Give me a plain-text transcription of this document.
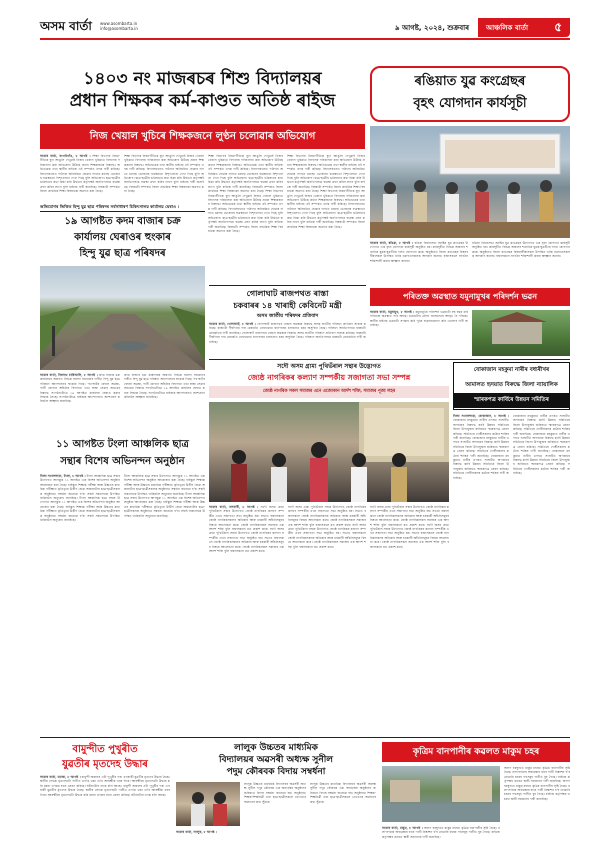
অসম বাৰ্তা www.asombarta.in
info@asombarta.in	৯ আগষ্ট, ২০২৪, শুক্ৰবাৰ আঞ্চলিক বাৰ্তা ৫
১৪০৩ নং মাজৰচৰ শিশু বিদ্যালয়ৰ
প্ৰধান শিক্ষকৰ কৰ্ম-কাণ্ডত অতিষ্ঠ ৰাইজ
ৰঙিয়াত যুৱ কংগ্ৰেছৰ
বৃহৎ যোগদান কাৰ্যসূচী
নিজ খেয়াল খুচিৰে শিক্ষকজনে লুণ্ঠন চলোৱাৰ অভিযোগ
আমাৰ বাৰ্তা, বংগাইগাঁও, ৮ আগষ্ট । শিক্ষা বিভাগৰ নিয়ম-নীতিক বুঢ়া আঙুলি দেখুৱাই নিজৰ খেয়াল খুচিমতে বিদ্যালয় পৰিচালনা কৰা অভিযোগ উঠিছে প্ৰধান শিক্ষকজনৰ বিৰুদ্ধে। অভিভাৱক তথা স্থানীয় ৰাইজে এই সম্পৰ্কত তদন্ত দাবী কৰিছে। বিদ্যালয়খনত পাঠদান অনিয়মিত হোৱাৰ লগতে মধ্যাহ্ন ভোজনৰ ব্যৱস্থাতো বিশৃংখলতা দেখা দিছে বুলি অভিযোগ। ছাত্ৰ-ছাত্ৰীৰ ভৱিষ্যতৰ কথা চিন্তা কৰি উৰ্দ্ধতন কৰ্তৃপক্ষই অনতিপলমে ব্যৱস্থা গ্ৰহণ কৰিব লাগে বুলি ৰাইজে দাবী জনাইছে। বিষয়টো সম্পৰ্কত জিলা প্ৰাথমিক শিক্ষা বিষয়াকো অৱগত কৰা হৈছে।
শিক্ষা বিভাগৰ নিয়ম-নীতিক বুঢ়া আঙুলি দেখুৱাই নিজৰ খেয়াল খুচিমতে বিদ্যালয় পৰিচালনা কৰা অভিযোগ উঠিছে প্ৰধান শিক্ষকজনৰ বিৰুদ্ধে। অভিভাৱক তথা স্থানীয় ৰাইজে এই সম্পৰ্কত তদন্ত দাবী কৰিছে। বিদ্যালয়খনত পাঠদান অনিয়মিত হোৱাৰ লগতে মধ্যাহ্ন ভোজনৰ ব্যৱস্থাতো বিশৃংখলতা দেখা দিছে বুলি অভিযোগ। ছাত্ৰ-ছাত্ৰীৰ ভৱিষ্যতৰ কথা চিন্তা কৰি উৰ্দ্ধতন কৰ্তৃপক্ষই অনতিপলমে ব্যৱস্থা গ্ৰহণ কৰিব লাগে বুলি ৰাইজে দাবী জনাইছে। বিষয়টো সম্পৰ্কত জিলা প্ৰাথমিক শিক্ষা বিষয়াকো অৱগত কৰা হৈছে।
শিক্ষা বিভাগৰ নিয়ম-নীতিক বুঢ়া আঙুলি দেখুৱাই নিজৰ খেয়াল খুচিমতে বিদ্যালয় পৰিচালনা কৰা অভিযোগ উঠিছে প্ৰধান শিক্ষকজনৰ বিৰুদ্ধে। অভিভাৱক তথা স্থানীয় ৰাইজে এই সম্পৰ্কত তদন্ত দাবী কৰিছে। বিদ্যালয়খনত পাঠদান অনিয়মিত হোৱাৰ লগতে মধ্যাহ্ন ভোজনৰ ব্যৱস্থাতো বিশৃংখলতা দেখা দিছে বুলি অভিযোগ। ছাত্ৰ-ছাত্ৰীৰ ভৱিষ্যতৰ কথা চিন্তা কৰি উৰ্দ্ধতন কৰ্তৃপক্ষই অনতিপলমে ব্যৱস্থা গ্ৰহণ কৰিব লাগে বুলি ৰাইজে দাবী জনাইছে। বিষয়টো সম্পৰ্কত জিলা প্ৰাথমিক শিক্ষা বিষয়াকো অৱগত কৰা হৈছে। শিক্ষা বিভাগৰ নিয়ম-নীতিক বুঢ়া আঙুলি দেখুৱাই নিজৰ খেয়াল খুচিমতে বিদ্যালয় পৰিচালনা কৰা অভিযোগ উঠিছে প্ৰধান শিক্ষকজনৰ বিৰুদ্ধে। অভিভাৱক তথা স্থানীয় ৰাইজে এই সম্পৰ্কত তদন্ত দাবী কৰিছে। বিদ্যালয়খনত পাঠদান অনিয়মিত হোৱাৰ লগতে মধ্যাহ্ন ভোজনৰ ব্যৱস্থাতো বিশৃংখলতা দেখা দিছে বুলি অভিযোগ। ছাত্ৰ-ছাত্ৰীৰ ভৱিষ্যতৰ কথা চিন্তা কৰি উৰ্দ্ধতন কৰ্তৃপক্ষই অনতিপলমে ব্যৱস্থা গ্ৰহণ কৰিব লাগে বুলি ৰাইজে দাবী জনাইছে। বিষয়টো সম্পৰ্কত জিলা প্ৰাথমিক শিক্ষা বিষয়াকো অৱগত কৰা হৈছে।
শিক্ষা বিভাগৰ নিয়ম-নীতিক বুঢ়া আঙুলি দেখুৱাই নিজৰ খেয়াল খুচিমতে বিদ্যালয় পৰিচালনা কৰা অভিযোগ উঠিছে প্ৰধান শিক্ষকজনৰ বিৰুদ্ধে। অভিভাৱক তথা স্থানীয় ৰাইজে এই সম্পৰ্কত তদন্ত দাবী কৰিছে। বিদ্যালয়খনত পাঠদান অনিয়মিত হোৱাৰ লগতে মধ্যাহ্ন ভোজনৰ ব্যৱস্থাতো বিশৃংখলতা দেখা দিছে বুলি অভিযোগ। ছাত্ৰ-ছাত্ৰীৰ ভৱিষ্যতৰ কথা চিন্তা কৰি উৰ্দ্ধতন কৰ্তৃপক্ষই অনতিপলমে ব্যৱস্থা গ্ৰহণ কৰিব লাগে বুলি ৰাইজে দাবী জনাইছে। বিষয়টো সম্পৰ্কত জিলা প্ৰাথমিক শিক্ষা বিষয়াকো অৱগত কৰা হৈছে। শিক্ষা বিভাগৰ নিয়ম-নীতিক বুঢ়া আঙুলি দেখুৱাই নিজৰ খেয়াল খুচিমতে বিদ্যালয় পৰিচালনা কৰা অভিযোগ উঠিছে প্ৰধান শিক্ষকজনৰ বিৰুদ্ধে। অভিভাৱক তথা স্থানীয় ৰাইজে এই সম্পৰ্কত তদন্ত দাবী কৰিছে। বিদ্যালয়খনত পাঠদান অনিয়মিত হোৱাৰ লগতে মধ্যাহ্ন ভোজনৰ ব্যৱস্থাতো বিশৃংখলতা দেখা দিছে বুলি অভিযোগ। ছাত্ৰ-ছাত্ৰীৰ ভৱিষ্যতৰ কথা চিন্তা কৰি উৰ্দ্ধতন কৰ্তৃপক্ষই অনতিপলমে ব্যৱস্থা গ্ৰহণ কৰিব লাগে বুলি ৰাইজে দাবী জনাইছে। বিষয়টো সম্পৰ্কত জিলা প্ৰাথমিক শিক্ষা বিষয়াকো অৱগত কৰা হৈছে।
অভিযোগৰ ভিত্তিত হিন্দু যুৱ ছাত্ৰ পৰিষদৰ সৰ্বসাধাৰণ চিকিৎসালয় কাৰ্যালয় ঘেৰাও ।
১৯ আগষ্টত কদম বাজাৰ চক্ৰ
কাৰ্যালয় ঘেৰাওৰ হুংকাৰ
হিন্দু যুৱ ছাত্ৰ পৰিষদৰ
আমাৰ বাৰ্তা, বিশ্বনাথ চাৰিআলি, ৮ আগষ্ট । কদম বাজাৰ চক্ৰ কাৰ্যালয়ৰ অন্তৰ্গত বিভিন্ন সমস্যা সমাধানৰ দাবীত হিন্দু যুৱ ছাত্ৰ পৰিষদে আন্দোলনৰ হুংকাৰ দিছে। পথ-ঘাটৰ বেহাল অৱস্থা, পানী যোগান আঁচনিৰ বিফলতা তথা স্বাস্থ্য সেৱাৰ অভাৱৰ বিৰুদ্ধে সংগঠনটোৱে ১৯ আগষ্টত কাৰ্যালয় ঘেৰাও কৰাৰ সিদ্ধান্ত লৈছে। সংগঠনটোৱে ৰাইজক আন্দোলনত অংশগ্ৰহণ কৰিবলৈ আহ্বান জনাইছে।
কদম বাজাৰ চক্ৰ কাৰ্যালয়ৰ অন্তৰ্গত বিভিন্ন সমস্যা সমাধানৰ দাবীত হিন্দু যুৱ ছাত্ৰ পৰিষদে আন্দোলনৰ হুংকাৰ দিছে। পথ-ঘাটৰ বেহাল অৱস্থা, পানী যোগান আঁচনিৰ বিফলতা তথা স্বাস্থ্য সেৱাৰ অভাৱৰ বিৰুদ্ধে সংগঠনটোৱে ১৯ আগষ্টত কাৰ্যালয় ঘেৰাও কৰাৰ সিদ্ধান্ত লৈছে। সংগঠনটোৱে ৰাইজক আন্দোলনত অংশগ্ৰহণ কৰিবলৈ আহ্বান জনাইছে।
১১ আগষ্টত টংলা আঞ্চলিক ছাত্ৰ
সন্থাৰ বিশেষ অভিনন্দন অনুষ্ঠান
নিজা সংবাদদাতা, টংলা, ৮ আগষ্ট । টংলা আঞ্চলিক ছাত্ৰ সন্থাৰ উদ্যোগত আগন্তুক ১১ আগষ্টত এক বিশেষ অভিনন্দন অনুষ্ঠান আয়োজন কৰা হৈছে। হাইস্কুল শিক্ষান্ত পৰীক্ষা আৰু উচ্চতৰ মাধ্যমিক পৰীক্ষাত কৃতিত্বৰে উত্তীৰ্ণ হোৱা অঞ্চলটোৰ ছাত্ৰ-ছাত্ৰীসকলক অনুষ্ঠানত সম্বৰ্ধনা জনোৱা হ'ব। সন্থাই সকলোকে উপস্থিত থাকিবলৈ অনুৰোধ জনাইছে। টংলা আঞ্চলিক ছাত্ৰ সন্থাৰ উদ্যোগত আগন্তুক ১১ আগষ্টত এক বিশেষ অভিনন্দন অনুষ্ঠান আয়োজন কৰা হৈছে। হাইস্কুল শিক্ষান্ত পৰীক্ষা আৰু উচ্চতৰ মাধ্যমিক পৰীক্ষাত কৃতিত্বৰে উত্তীৰ্ণ হোৱা অঞ্চলটোৰ ছাত্ৰ-ছাত্ৰীসকলক অনুষ্ঠানত সম্বৰ্ধনা জনোৱা হ'ব। সন্থাই সকলোকে উপস্থিত থাকিবলৈ অনুৰোধ জনাইছে।
টংলা আঞ্চলিক ছাত্ৰ সন্থাৰ উদ্যোগত আগন্তুক ১১ আগষ্টত এক বিশেষ অভিনন্দন অনুষ্ঠান আয়োজন কৰা হৈছে। হাইস্কুল শিক্ষান্ত পৰীক্ষা আৰু উচ্চতৰ মাধ্যমিক পৰীক্ষাত কৃতিত্বৰে উত্তীৰ্ণ হোৱা অঞ্চলটোৰ ছাত্ৰ-ছাত্ৰীসকলক অনুষ্ঠানত সম্বৰ্ধনা জনোৱা হ'ব। সন্থাই সকলোকে উপস্থিত থাকিবলৈ অনুৰোধ জনাইছে। টংলা আঞ্চলিক ছাত্ৰ সন্থাৰ উদ্যোগত আগন্তুক ১১ আগষ্টত এক বিশেষ অভিনন্দন অনুষ্ঠান আয়োজন কৰা হৈছে। হাইস্কুল শিক্ষান্ত পৰীক্ষা আৰু উচ্চতৰ মাধ্যমিক পৰীক্ষাত কৃতিত্বৰে উত্তীৰ্ণ হোৱা অঞ্চলটোৰ ছাত্ৰ-ছাত্ৰীসকলক অনুষ্ঠানত সম্বৰ্ধনা জনোৱা হ'ব। সন্থাই সকলোকে উপস্থিত থাকিবলৈ অনুৰোধ জনাইছে।
গোলাঘাট ৰাজপথত ৰাস্তা
চকবাৰৰ ১৪ খাৰাহী কেবিনেট মন্ত্ৰী
অসম জাতীয় পৰিষদৰ প্ৰতিবাদ
আমাৰ বাৰ্তা, গোলাঘাট, ৮ আগষ্ট । গোলাঘাট ৰাজপথৰ বেহাল অৱস্থাৰ বিৰুদ্ধে অসম জাতীয় পৰিষদে প্ৰতিবাদ সাব্যস্ত কৰিছে। ৰাস্তাটো দীৰ্ঘদিনৰ পৰা মেৰামতি নোহোৱাত যান-বাহন চলাচলত চৰম অসুবিধা হৈছে। পৰিষদে অনতিপলমে ৰাস্তাটো মেৰামতিৰ দাবী জনাইছে। গোলাঘাট ৰাজপথৰ বেহাল অৱস্থাৰ বিৰুদ্ধে অসম জাতীয় পৰিষদে প্ৰতিবাদ সাব্যস্ত কৰিছে। ৰাস্তাটো দীৰ্ঘদিনৰ পৰা মেৰামতি নোহোৱাত যান-বাহন চলাচলত চৰম অসুবিধা হৈছে। পৰিষদে অনতিপলমে ৰাস্তাটো মেৰামতিৰ দাবী জনাইছে।
সদৌ অসম গ্ৰাম্য পুথিভঁৰাল সন্থাৰ উদ্ভোগত
জ্যেষ্ঠ নাগৰিকৰ কল্যাণ সম্পৰ্কীয় সজাগতা সভা সম্পন্ন
জ্যেষ্ঠ নাগৰিক সকল সমাজৰ এনে এজোকান আৰ্দশ শক্তি, সমাজৰ পূজা লহৰ
আমাৰ বাৰ্তা, নলবাৰী, ৮ আগষ্ট । সদৌ অসম গ্ৰাম্য পুথিভঁৰাল সন্থাৰ উদ্যোগত জ্যেষ্ঠ নাগৰিকৰ কল্যাণ সম্পৰ্কীয় এখন সজাগতা সভা অনুষ্ঠিত হয়। সভাত বক্তাসকলে জ্যেষ্ঠ নাগৰিকসকলৰ অধিকাৰ আৰু চৰকাৰী আঁচনিসমূহৰ বিষয়ে আলোচনা কৰে। জ্যেষ্ঠ নাগৰিকসকল সমাজৰ এক আদৰ্শ শক্তি বুলি বক্তাসকলে মত প্ৰকাশ কৰে। সদৌ অসম গ্ৰাম্য পুথিভঁৰাল সন্থাৰ উদ্যোগত জ্যেষ্ঠ নাগৰিকৰ কল্যাণ সম্পৰ্কীয় এখন সজাগতা সভা অনুষ্ঠিত হয়। সভাত বক্তাসকলে জ্যেষ্ঠ নাগৰিকসকলৰ অধিকাৰ আৰু চৰকাৰী আঁচনিসমূহৰ বিষয়ে আলোচনা কৰে। জ্যেষ্ঠ নাগৰিকসকল সমাজৰ এক আদৰ্শ শক্তি বুলি বক্তাসকলে মত প্ৰকাশ কৰে।
সদৌ অসম গ্ৰাম্য পুথিভঁৰাল সন্থাৰ উদ্যোগত জ্যেষ্ঠ নাগৰিকৰ কল্যাণ সম্পৰ্কীয় এখন সজাগতা সভা অনুষ্ঠিত হয়। সভাত বক্তাসকলে জ্যেষ্ঠ নাগৰিকসকলৰ অধিকাৰ আৰু চৰকাৰী আঁচনিসমূহৰ বিষয়ে আলোচনা কৰে। জ্যেষ্ঠ নাগৰিকসকল সমাজৰ এক আদৰ্শ শক্তি বুলি বক্তাসকলে মত প্ৰকাশ কৰে। সদৌ অসম গ্ৰাম্য পুথিভঁৰাল সন্থাৰ উদ্যোগত জ্যেষ্ঠ নাগৰিকৰ কল্যাণ সম্পৰ্কীয় এখন সজাগতা সভা অনুষ্ঠিত হয়। সভাত বক্তাসকলে জ্যেষ্ঠ নাগৰিকসকলৰ অধিকাৰ আৰু চৰকাৰী আঁচনিসমূহৰ বিষয়ে আলোচনা কৰে। জ্যেষ্ঠ নাগৰিকসকল সমাজৰ এক আদৰ্শ শক্তি বুলি বক্তাসকলে মত প্ৰকাশ কৰে।
সদৌ অসম গ্ৰাম্য পুথিভঁৰাল সন্থাৰ উদ্যোগত জ্যেষ্ঠ নাগৰিকৰ কল্যাণ সম্পৰ্কীয় এখন সজাগতা সভা অনুষ্ঠিত হয়। সভাত বক্তাসকলে জ্যেষ্ঠ নাগৰিকসকলৰ অধিকাৰ আৰু চৰকাৰী আঁচনিসমূহৰ বিষয়ে আলোচনা কৰে। জ্যেষ্ঠ নাগৰিকসকল সমাজৰ এক আদৰ্শ শক্তি বুলি বক্তাসকলে মত প্ৰকাশ কৰে। সদৌ অসম গ্ৰাম্য পুথিভঁৰাল সন্থাৰ উদ্যোগত জ্যেষ্ঠ নাগৰিকৰ কল্যাণ সম্পৰ্কীয় এখন সজাগতা সভা অনুষ্ঠিত হয়। সভাত বক্তাসকলে জ্যেষ্ঠ নাগৰিকসকলৰ অধিকাৰ আৰু চৰকাৰী আঁচনিসমূহৰ বিষয়ে আলোচনা কৰে। জ্যেষ্ঠ নাগৰিকসকল সমাজৰ এক আদৰ্শ শক্তি বুলি বক্তাসকলে মত প্ৰকাশ কৰে।
আমাৰ বাৰ্তা, ৰঙিয়া, ৮ আগষ্ট । ৰঙিয়া বিধানসভা সমষ্টিৰ যুৱ কংগ্ৰেছৰ উদ্যোগত এক বৃহৎ যোগদান কাৰ্যসূচী অনুষ্ঠিত হয়। কাৰ্যসূচীত বিভিন্ন অঞ্চলৰ শতাধিক যুৱক-যুৱতীয়ে দলত যোগদান কৰে। অনুষ্ঠানত জিলা কংগ্ৰেছৰ বিষয়ববীয়াসকল উপস্থিত থাকি নৱাগতসকলক আদৰণি জনায়। বক্তাসকলে সংগঠন শক্তিশালী কৰাৰ আহ্বান জনায়।
ৰঙিয়া বিধানসভা সমষ্টিৰ যুৱ কংগ্ৰেছৰ উদ্যোগত এক বৃহৎ যোগদান কাৰ্যসূচী অনুষ্ঠিত হয়। কাৰ্যসূচীত বিভিন্ন অঞ্চলৰ শতাধিক যুৱক-যুৱতীয়ে দলত যোগদান কৰে। অনুষ্ঠানত জিলা কংগ্ৰেছৰ বিষয়ববীয়াসকল উপস্থিত থাকি নৱাগতসকলক আদৰণি জনায়। বক্তাসকলে সংগঠন শক্তিশালী কৰাৰ আহ্বান জনায়।
পৰিতক্ত অৱস্থাত যমুনামুখৰ পৰিদৰ্শন ভৱন
আমাৰ বাৰ্তা, যমুনামুখ, ৮ আগষ্ট । যমুনামুখৰ পৰিদৰ্শন ভৱনটো বহু বছৰ ধৰি পৰিতক্ত অৱস্থাত পৰি আছে। ভৱনটোৰ চৌহদ জংঘলেৰে আবৃত হৈ পৰিছে। স্থানীয় ৰাইজে ভৱনটো সংস্কাৰ কৰি পুনৰ ব্যৱহাৰযোগ্য কৰি তোলাৰ দাবী জনাইছে।
বোকাজান মহকুমা নাৰীৰ বধ্যৰীখৰ
আমালত হৃদয়াত বিৰুদ্ধে জিলা ন্যায়ালিক
স্মাৰকপত্ৰ কাৰ্বিৰে উন্নয়ন সমিতিৰ
নিজা সংবাদদাতা, বোকাজান, ৮ আগষ্ট । বোকাজান মহকুমাত নাৰীৰ ওপৰত সংঘটিত অপৰাধৰ বিৰুদ্ধে কাৰ্বি উন্নয়ন সমিতিয়ে জিলা উপায়ুক্তৰ জৰিয়তে স্মাৰকপত্ৰ প্ৰেৰণ কৰিছে। সমিতিয়ে দোষীসকলৰ কঠোৰ শাস্তিৰ দাবী জনাইছে। বোকাজান মহকুমাত নাৰীৰ ওপৰত সংঘটিত অপৰাধৰ বিৰুদ্ধে কাৰ্বি উন্নয়ন সমিতিয়ে জিলা উপায়ুক্তৰ জৰিয়তে স্মাৰকপত্ৰ প্ৰেৰণ কৰিছে। সমিতিয়ে দোষীসকলৰ কঠোৰ শাস্তিৰ দাবী জনাইছে। বোকাজান মহকুমাত নাৰীৰ ওপৰত সংঘটিত অপৰাধৰ বিৰুদ্ধে কাৰ্বি উন্নয়ন সমিতিয়ে জিলা উপায়ুক্তৰ জৰিয়তে স্মাৰকপত্ৰ প্ৰেৰণ কৰিছে। সমিতিয়ে দোষীসকলৰ কঠোৰ শাস্তিৰ দাবী জনাইছে।
বোকাজান মহকুমাত নাৰীৰ ওপৰত সংঘটিত অপৰাধৰ বিৰুদ্ধে কাৰ্বি উন্নয়ন সমিতিয়ে জিলা উপায়ুক্তৰ জৰিয়তে স্মাৰকপত্ৰ প্ৰেৰণ কৰিছে। সমিতিয়ে দোষীসকলৰ কঠোৰ শাস্তিৰ দাবী জনাইছে। বোকাজান মহকুমাত নাৰীৰ ওপৰত সংঘটিত অপৰাধৰ বিৰুদ্ধে কাৰ্বি উন্নয়ন সমিতিয়ে জিলা উপায়ুক্তৰ জৰিয়তে স্মাৰকপত্ৰ প্ৰেৰণ কৰিছে। সমিতিয়ে দোষীসকলৰ কঠোৰ শাস্তিৰ দাবী জনাইছে। বোকাজান মহকুমাত নাৰীৰ ওপৰত সংঘটিত অপৰাধৰ বিৰুদ্ধে কাৰ্বি উন্নয়ন সমিতিয়ে জিলা উপায়ুক্তৰ জৰিয়তে স্মাৰকপত্ৰ প্ৰেৰণ কৰিছে। সমিতিয়ে দোষীসকলৰ কঠোৰ শাস্তিৰ দাবী জনাইছে।
বামুন্দীত পুখুৰীত
যুৱতীৰ মৃতদেহ উদ্ধাৰ
আমাৰ বাৰ্তা, হাজো, ৮ আগষ্ট । বামুন্দী অঞ্চলৰ এটা পুখুৰীৰ পৰা এগৰাকী যুৱতীৰ মৃতদেহ উদ্ধাৰ হৈছে। স্থানীয় লোকে মৃতদেহটো পানীত ওপঙি থকা দেখি আৰক্ষীক খবৰ দিয়ে। আৰক্ষীয়ে মৃতদেহটো উদ্ধাৰ কৰি ময়না তদন্তৰ বাবে প্ৰেৰণ কৰিছে। ঘটনাটোৰ তদন্ত চলি আছে। বামুন্দী অঞ্চলৰ এটা পুখুৰীৰ পৰা এগৰাকী যুৱতীৰ মৃতদেহ উদ্ধাৰ হৈছে। স্থানীয় লোকে মৃতদেহটো পানীত ওপঙি থকা দেখি আৰক্ষীক খবৰ দিয়ে। আৰক্ষীয়ে মৃতদেহটো উদ্ধাৰ কৰি ময়না তদন্তৰ বাবে প্ৰেৰণ কৰিছে। ঘটনাটোৰ তদন্ত চলি আছে।
লালুক উচ্চতৰ মাধ্যমিক
বিদ্যালয়ৰ অৱসৰী অধ্যক্ষ সুনীল
পদুম কৌৰবক বিদায় সম্বৰ্ধনা
আমাৰ বাৰ্তা, লালুক, ৮ আগষ্ট ।
লালুক উচ্চতৰ মাধ্যমিক বিদ্যালয়ৰ অৱসৰী অধ্যক্ষ সুনীল পদুম কৌৰবক এক অনাড়ম্বৰ অনুষ্ঠানৰ জৰিয়তে বিদায় সম্বৰ্ধনা জনোৱা হয়। অনুষ্ঠানত শিক্ষক-শিক্ষয়িত্ৰী তথা ছাত্ৰ-ছাত্ৰীসকলে তেখেতৰ অৱদানৰ কথা সুঁৱৰে।
লালুক উচ্চতৰ মাধ্যমিক বিদ্যালয়ৰ অৱসৰী অধ্যক্ষ সুনীল পদুম কৌৰবক এক অনাড়ম্বৰ অনুষ্ঠানৰ জৰিয়তে বিদায় সম্বৰ্ধনা জনোৱা হয়। অনুষ্ঠানত শিক্ষক-শিক্ষয়িত্ৰী তথা ছাত্ৰ-ছাত্ৰীসকলে তেখেতৰ অৱদানৰ কথা সুঁৱৰে।
কৃত্ৰিম বানপানীৰ কৱলত মাকুম চহৰ
অলপ বৰষুণতে মাকুম চহৰত কৃত্ৰিম বানপানীৰ সৃষ্টি হৈছে। নলা-নৰ্দমাৰ অব্যৱস্থাৰ বাবে পানী নিষ্কাশন হ'ব নোৱাৰি চহৰৰ পথসমূহ পানীত বুৰ গৈছে। ৰাইজে কৰ্তৃপক্ষৰ ওচৰত স্থায়ী সমাধানৰ দাবী জনাইছে। অলপ বৰষুণতে মাকুম চহৰত কৃত্ৰিম বানপানীৰ সৃষ্টি হৈছে। নলা-নৰ্দমাৰ অব্যৱস্থাৰ বাবে পানী নিষ্কাশন হ'ব নোৱাৰি চহৰৰ পথসমূহ পানীত বুৰ গৈছে। ৰাইজে কৰ্তৃপক্ষৰ ওচৰত স্থায়ী সমাধানৰ দাবী জনাইছে।
আমাৰ বাৰ্তা, মাকুম, ৮ আগষ্ট । অলপ বৰষুণতে মাকুম চহৰত কৃত্ৰিম বানপানীৰ সৃষ্টি হৈছে। নলা-নৰ্দমাৰ অব্যৱস্থাৰ বাবে পানী নিষ্কাশন হ'ব নোৱাৰি চহৰৰ পথসমূহ পানীত বুৰ গৈছে। ৰাইজে কৰ্তৃপক্ষৰ ওচৰত স্থায়ী সমাধানৰ দাবী জনাইছে।
